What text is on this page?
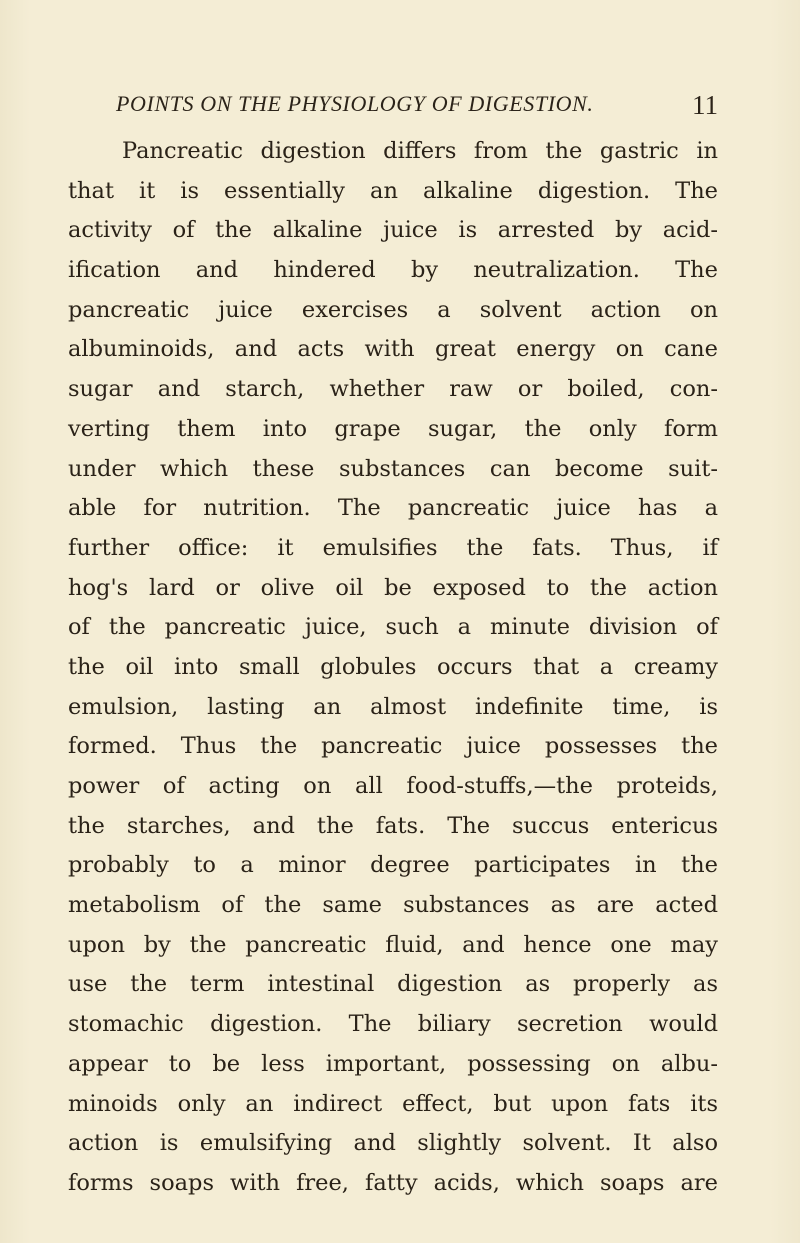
POINTS ON THE PHYSIOLOGY OF DIGESTION.	11
Pancreatic digestion differs from the gastric in
that it is essentially an alkaline digestion. The
activity of the alkaline juice is arrested by acid-
ification and hindered by neutralization. The
pancreatic juice exercises a solvent action on
albuminoids, and acts with great energy on cane
sugar and starch, whether raw or boiled, con-
verting them into grape sugar, the only form
under which these substances can become suit-
able for nutrition. The pancreatic juice has a
further office: it emulsifies the fats. Thus, if
hog's lard or olive oil be exposed to the action
of the pancreatic juice, such a minute division of
the oil into small globules occurs that a creamy
emulsion, lasting an almost indefinite time, is
formed. Thus the pancreatic juice possesses the
power of acting on all food-stuffs,—the proteids,
the starches, and the fats. The succus entericus
probably to a minor degree participates in the
metabolism of the same substances as are acted
upon by the pancreatic fluid, and hence one may
use the term intestinal digestion as properly as
stomachic digestion. The biliary secretion would
appear to be less important, possessing on albu-
minoids only an indirect effect, but upon fats its
action is emulsifying and slightly solvent. It also
forms soaps with free, fatty acids, which soaps are
